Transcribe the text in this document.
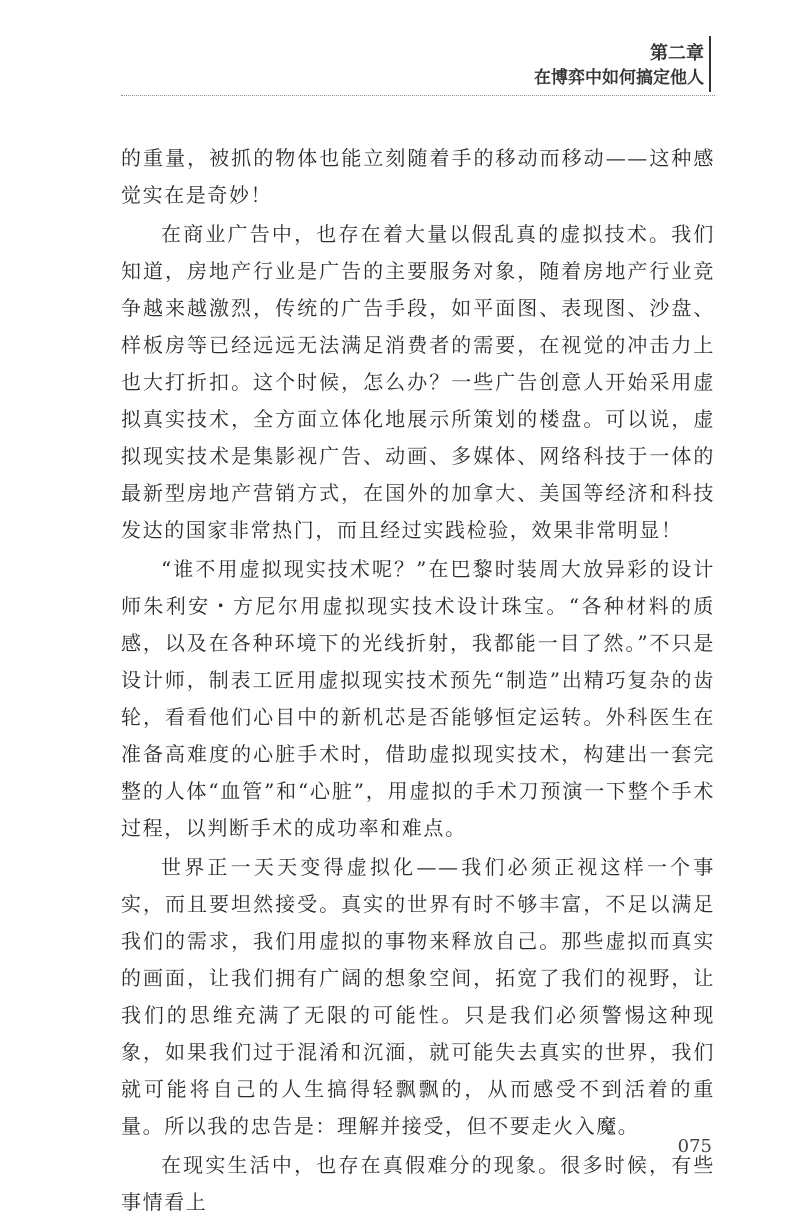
第二章
在博弈中如何搞定他人

的重量，被抓的物体也能立刻随着手的移动而移动——这种感觉实在是奇妙！

在商业广告中，也存在着大量以假乱真的虚拟技术。我们知道，房地产行业是广告的主要服务对象，随着房地产行业竞争越来越激烈，传统的广告手段，如平面图、表现图、沙盘、样板房等已经远远无法满足消费者的需要，在视觉的冲击力上也大打折扣。这个时候，怎么办？一些广告创意人开始采用虚拟真实技术，全方面立体化地展示所策划的楼盘。可以说，虚拟现实技术是集影视广告、动画、多媒体、网络科技于一体的最新型房地产营销方式，在国外的加拿大、美国等经济和科技发达的国家非常热门，而且经过实践检验，效果非常明显！

“谁不用虚拟现实技术呢？”在巴黎时装周大放异彩的设计师朱利安・方尼尔用虚拟现实技术设计珠宝。“各种材料的质感，以及在各种环境下的光线折射，我都能一目了然。”不只是设计师，制表工匠用虚拟现实技术预先“制造”出精巧复杂的齿轮，看看他们心目中的新机芯是否能够恒定运转。外科医生在准备高难度的心脏手术时，借助虚拟现实技术，构建出一套完整的人体“血管”和“心脏”，用虚拟的手术刀预演一下整个手术过程，以判断手术的成功率和难点。

世界正一天天变得虚拟化——我们必须正视这样一个事实，而且要坦然接受。真实的世界有时不够丰富，不足以满足我们的需求，我们用虚拟的事物来释放自己。那些虚拟而真实的画面，让我们拥有广阔的想象空间，拓宽了我们的视野，让我们的思维充满了无限的可能性。只是我们必须警惕这种现象，如果我们过于混淆和沉湎，就可能失去真实的世界，我们就可能将自己的人生搞得轻飘飘的，从而感受不到活着的重量。所以我的忠告是：理解并接受，但不要走火入魔。

在现实生活中，也存在真假难分的现象。很多时候，有些事情看上

075
